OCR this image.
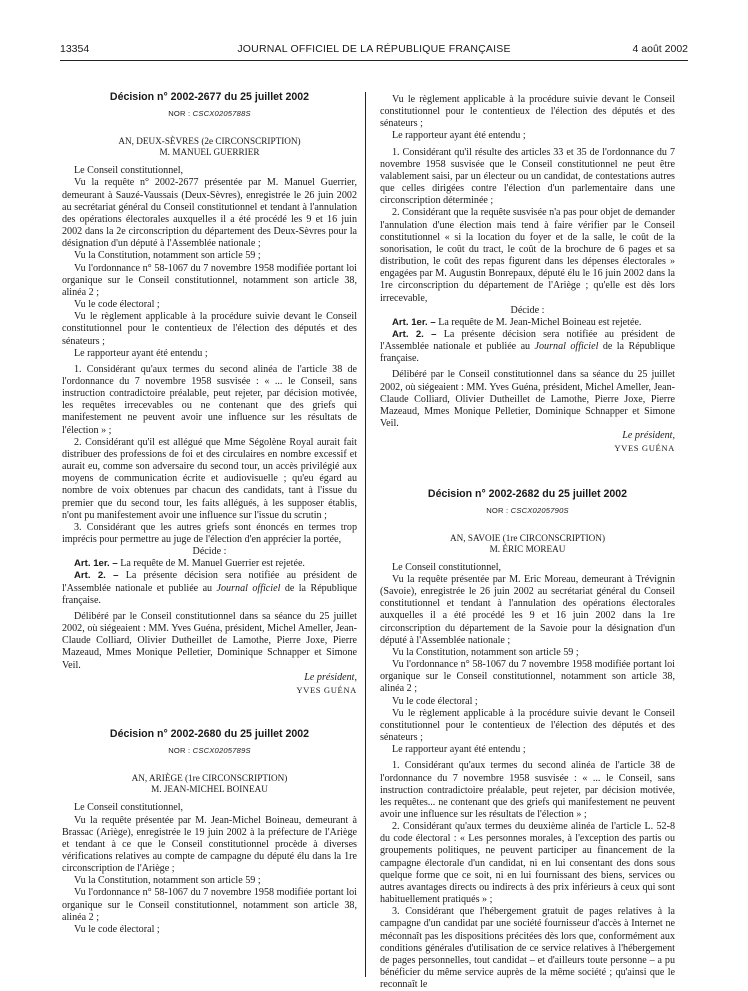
13354	JOURNAL OFFICIEL DE LA RÉPUBLIQUE FRANÇAISE	4 août 2002
Décision n° 2002-2677 du 25 juillet 2002
NOR : CSCX0205788S
AN, DEUX-SÈVRES (2e CIRCONSCRIPTION)
M. MANUEL GUERRIER

Le Conseil constitutionnel,

Vu la requête n° 2002-2677 présentée par M. Manuel Guerrier, demeurant à Sauzé-Vaussais (Deux-Sèvres), enregistrée le 26 juin 2002 au secrétariat général du Conseil constitutionnel et tendant à l'annulation des opérations électorales auxquelles il a été procédé les 9 et 16 juin 2002 dans la 2e circonscription du département des Deux-Sèvres pour la désignation d'un député à l'Assemblée nationale ;

Vu la Constitution, notamment son article 59 ;

Vu l'ordonnance n° 58-1067 du 7 novembre 1958 modifiée portant loi organique sur le Conseil constitutionnel, notamment son article 38, alinéa 2 ;

Vu le code électoral ;

Vu le règlement applicable à la procédure suivie devant le Conseil constitutionnel pour le contentieux de l'élection des députés et des sénateurs ;

Le rapporteur ayant été entendu ;

1. Considérant qu'aux termes du second alinéa de l'article 38 de l'ordonnance du 7 novembre 1958 susvisée : « ... le Conseil, sans instruction contradictoire préalable, peut rejeter, par décision motivée, les requêtes irrecevables ou ne contenant que des griefs qui manifestement ne peuvent avoir une influence sur les résultats de l'élection » ;

2. Considérant qu'il est allégué que Mme Ségolène Royal aurait fait distribuer des professions de foi et des circulaires en nombre excessif et aurait eu, comme son adversaire du second tour, un accès privilégié aux moyens de communication écrite et audiovisuelle ; qu'eu égard au nombre de voix obtenues par chacun des candidats, tant à l'issue du premier que du second tour, les faits allégués, à les supposer établis, n'ont pu manifestement avoir une influence sur l'issue du scrutin ;

3. Considérant que les autres griefs sont énoncés en termes trop imprécis pour permettre au juge de l'élection d'en apprécier la portée,

Décide :

Art. 1er. – La requête de M. Manuel Guerrier est rejetée.

Art. 2. – La présente décision sera notifiée au président de l'Assemblée nationale et publiée au Journal officiel de la République française.

Délibéré par le Conseil constitutionnel dans sa séance du 25 juillet 2002, où siégeaient : MM. Yves Guéna, président, Michel Ameller, Jean-Claude Colliard, Olivier Dutheillet de Lamothe, Pierre Joxe, Pierre Mazeaud, Mmes Monique Pelletier, Dominique Schnapper et Simone Veil.

Le président,

YVES GUÉNA

Décision n° 2002-2680 du 25 juillet 2002
NOR : CSCX0205789S
AN, ARIÈGE (1re CIRCONSCRIPTION)
M. JEAN-MICHEL BOINEAU

Le Conseil constitutionnel,

Vu la requête présentée par M. Jean-Michel Boineau, demeurant à Brassac (Ariège), enregistrée le 19 juin 2002 à la préfecture de l'Ariège et tendant à ce que le Conseil constitutionnel procède à diverses vérifications relatives au compte de campagne du député élu dans la 1re circonscription de l'Ariège ;

Vu la Constitution, notamment son article 59 ;

Vu l'ordonnance n° 58-1067 du 7 novembre 1958 modifiée portant loi organique sur le Conseil constitutionnel, notamment son article 38, alinéa 2 ;

Vu le code électoral ;

Vu le règlement applicable à la procédure suivie devant le Conseil constitutionnel pour le contentieux de l'élection des députés et des sénateurs ;

Le rapporteur ayant été entendu ;

1. Considérant qu'il résulte des articles 33 et 35 de l'ordonnance du 7 novembre 1958 susvisée que le Conseil constitutionnel ne peut être valablement saisi, par un électeur ou un candidat, de contestations autres que celles dirigées contre l'élection d'un parlementaire dans une circonscription déterminée ;

2. Considérant que la requête susvisée n'a pas pour objet de demander l'annulation d'une élection mais tend à faire vérifier par le Conseil constitutionnel « si la location du foyer et de la salle, le coût de la sonorisation, le coût du tract, le coût de la brochure de 6 pages et sa distribution, le coût des repas figurent dans les dépenses électorales » engagées par M. Augustin Bonrepaux, député élu le 16 juin 2002 dans la 1re circonscription du département de l'Ariège ; qu'elle est dès lors irrecevable,

Décide :

Art. 1er. – La requête de M. Jean-Michel Boineau est rejetée.

Art. 2. – La présente décision sera notifiée au président de l'Assemblée nationale et publiée au Journal officiel de la République française.

Délibéré par le Conseil constitutionnel dans sa séance du 25 juillet 2002, où siégeaient : MM. Yves Guéna, président, Michel Ameller, Jean-Claude Colliard, Olivier Dutheillet de Lamothe, Pierre Joxe, Pierre Mazeaud, Mmes Monique Pelletier, Dominique Schnapper et Simone Veil.

Le président,

YVES GUÉNA

Décision n° 2002-2682 du 25 juillet 2002
NOR : CSCX0205790S
AN, SAVOIE (1re CIRCONSCRIPTION)
M. ÉRIC MOREAU

Le Conseil constitutionnel,

Vu la requête présentée par M. Eric Moreau, demeurant à Trévignin (Savoie), enregistrée le 26 juin 2002 au secrétariat général du Conseil constitutionnel et tendant à l'annulation des opérations électorales auxquelles il a été procédé les 9 et 16 juin 2002 dans la 1re circonscription du département de la Savoie pour la désignation d'un député à l'Assemblée nationale ;

Vu la Constitution, notamment son article 59 ;

Vu l'ordonnance n° 58-1067 du 7 novembre 1958 modifiée portant loi organique sur le Conseil constitutionnel, notamment son article 38, alinéa 2 ;

Vu le code électoral ;

Vu le règlement applicable à la procédure suivie devant le Conseil constitutionnel pour le contentieux de l'élection des députés et des sénateurs ;

Le rapporteur ayant été entendu ;

1. Considérant qu'aux termes du second alinéa de l'article 38 de l'ordonnance du 7 novembre 1958 susvisée : « ... le Conseil, sans instruction contradictoire préalable, peut rejeter, par décision motivée, les requêtes... ne contenant que des griefs qui manifestement ne peuvent avoir une influence sur les résultats de l'élection » ;

2. Considérant qu'aux termes du deuxième alinéa de l'article L. 52-8 du code électoral : « Les personnes morales, à l'exception des partis ou groupements politiques, ne peuvent participer au financement de la campagne électorale d'un candidat, ni en lui consentant des dons sous quelque forme que ce soit, ni en lui fournissant des biens, services ou autres avantages directs ou indirects à des prix inférieurs à ceux qui sont habituellement pratiqués » ;

3. Considérant que l'hébergement gratuit de pages relatives à la campagne d'un candidat par une société fournisseur d'accès à Internet ne méconnaît pas les dispositions précitées dès lors que, conformément aux conditions générales d'utilisation de ce service relatives à l'hébergement de pages personnelles, tout candidat – et d'ailleurs toute personne – a pu bénéficier du même service auprès de la même société ; qu'ainsi que le reconnaît le
